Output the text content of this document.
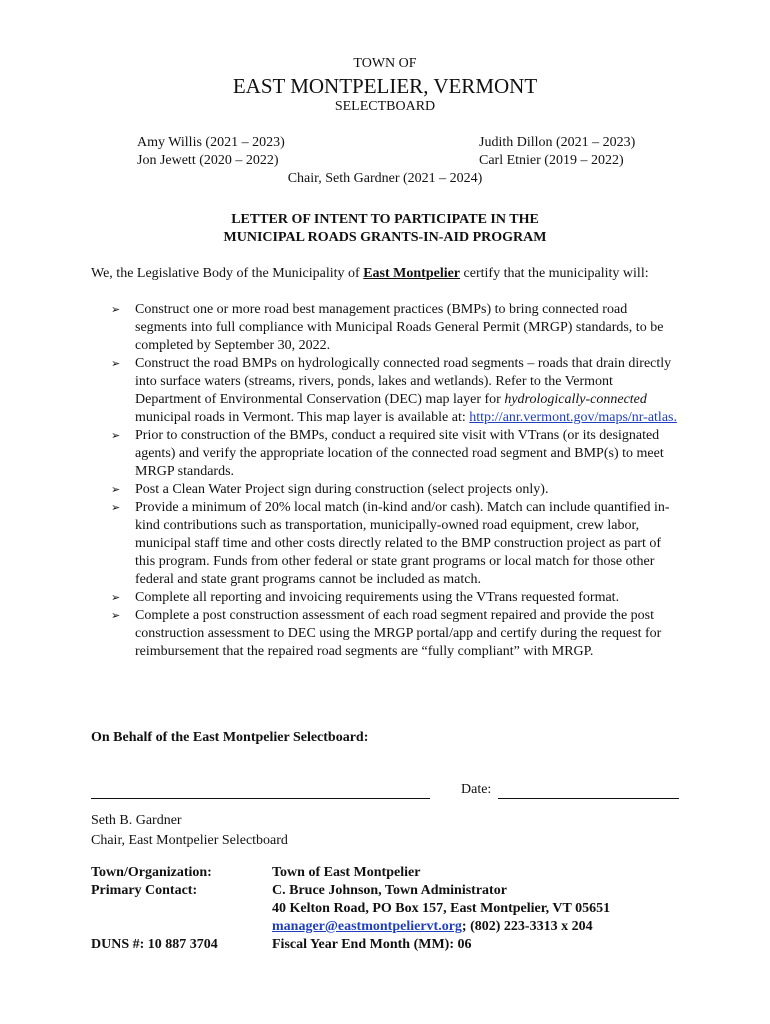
TOWN OF
EAST MONTPELIER, VERMONT
SELECTBOARD
Amy Willis (2021 – 2023)
Jon Jewett (2020 – 2022)
Judith Dillon (2021 – 2023)
Carl Etnier (2019 – 2022)
Chair, Seth Gardner (2021 – 2024)
LETTER OF INTENT TO PARTICIPATE IN THE
MUNICIPAL ROADS GRANTS-IN-AID PROGRAM
We, the Legislative Body of the Municipality of East Montpelier certify that the municipality will:
➢ Construct one or more road best management practices (BMPs) to bring connected road segments into full compliance with Municipal Roads General Permit (MRGP) standards, to be completed by September 30, 2022.
➢ Construct the road BMPs on hydrologically connected road segments – roads that drain directly into surface waters (streams, rivers, ponds, lakes and wetlands). Refer to the Vermont Department of Environmental Conservation (DEC) map layer for hydrologically-connected municipal roads in Vermont. This map layer is available at: http://anr.vermont.gov/maps/nr-atlas.
➢ Prior to construction of the BMPs, conduct a required site visit with VTrans (or its designated agents) and verify the appropriate location of the connected road segment and BMP(s) to meet MRGP standards.
➢ Post a Clean Water Project sign during construction (select projects only).
➢ Provide a minimum of 20% local match (in-kind and/or cash). Match can include quantified in-kind contributions such as transportation, municipally-owned road equipment, crew labor, municipal staff time and other costs directly related to the BMP construction project as part of this program. Funds from other federal or state grant programs or local match for those other federal and state grant programs cannot be included as match.
➢ Complete all reporting and invoicing requirements using the VTrans requested format.
➢ Complete a post construction assessment of each road segment repaired and provide the post construction assessment to DEC using the MRGP portal/app and certify during the request for reimbursement that the repaired road segments are “fully compliant” with MRGP.
On Behalf of the East Montpelier Selectboard:
Date:
Seth B. Gardner
Chair, East Montpelier Selectboard
Town/Organization:	Town of East Montpelier
Primary Contact:	C. Bruce Johnson, Town Administrator
40 Kelton Road, PO Box 157, East Montpelier, VT 05651
manager@eastmontpeliervt.org; (802) 223-3313 x 204
DUNS #: 10 887 3704	Fiscal Year End Month (MM): 06
